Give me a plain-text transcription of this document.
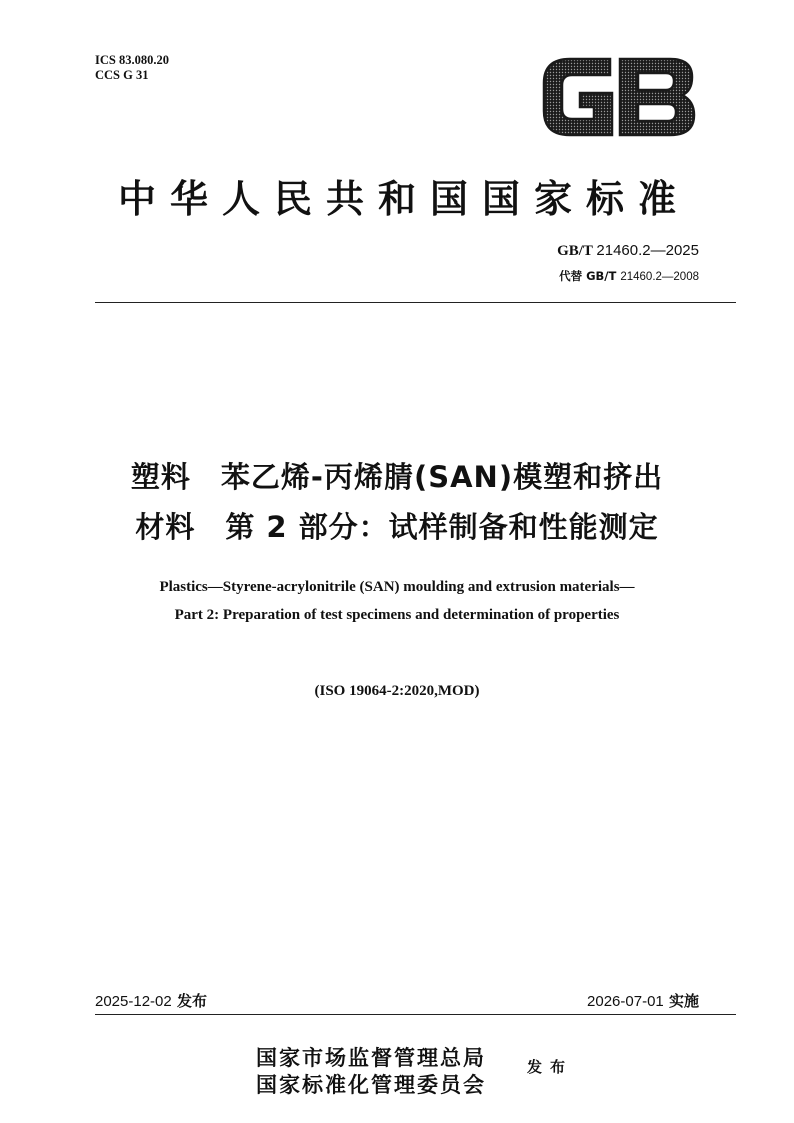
ICS 83.080.20
CCS G 31
中华人民共和国国家标准
GB/T 21460.2—2025
代替 GB/T 21460.2—2008
塑料　苯乙烯-丙烯腈(SAN)模塑和挤出
材料　第 2 部分：试样制备和性能测定
Plastics—Styrene-acrylonitrile (SAN) moulding and extrusion materials—
Part 2: Preparation of test specimens and determination of properties
(ISO 19064-2:2020,MOD)
2025-12-02 发布	2026-07-01 实施
国家市场监督管理总局
国家标准化管理委员会
发布
